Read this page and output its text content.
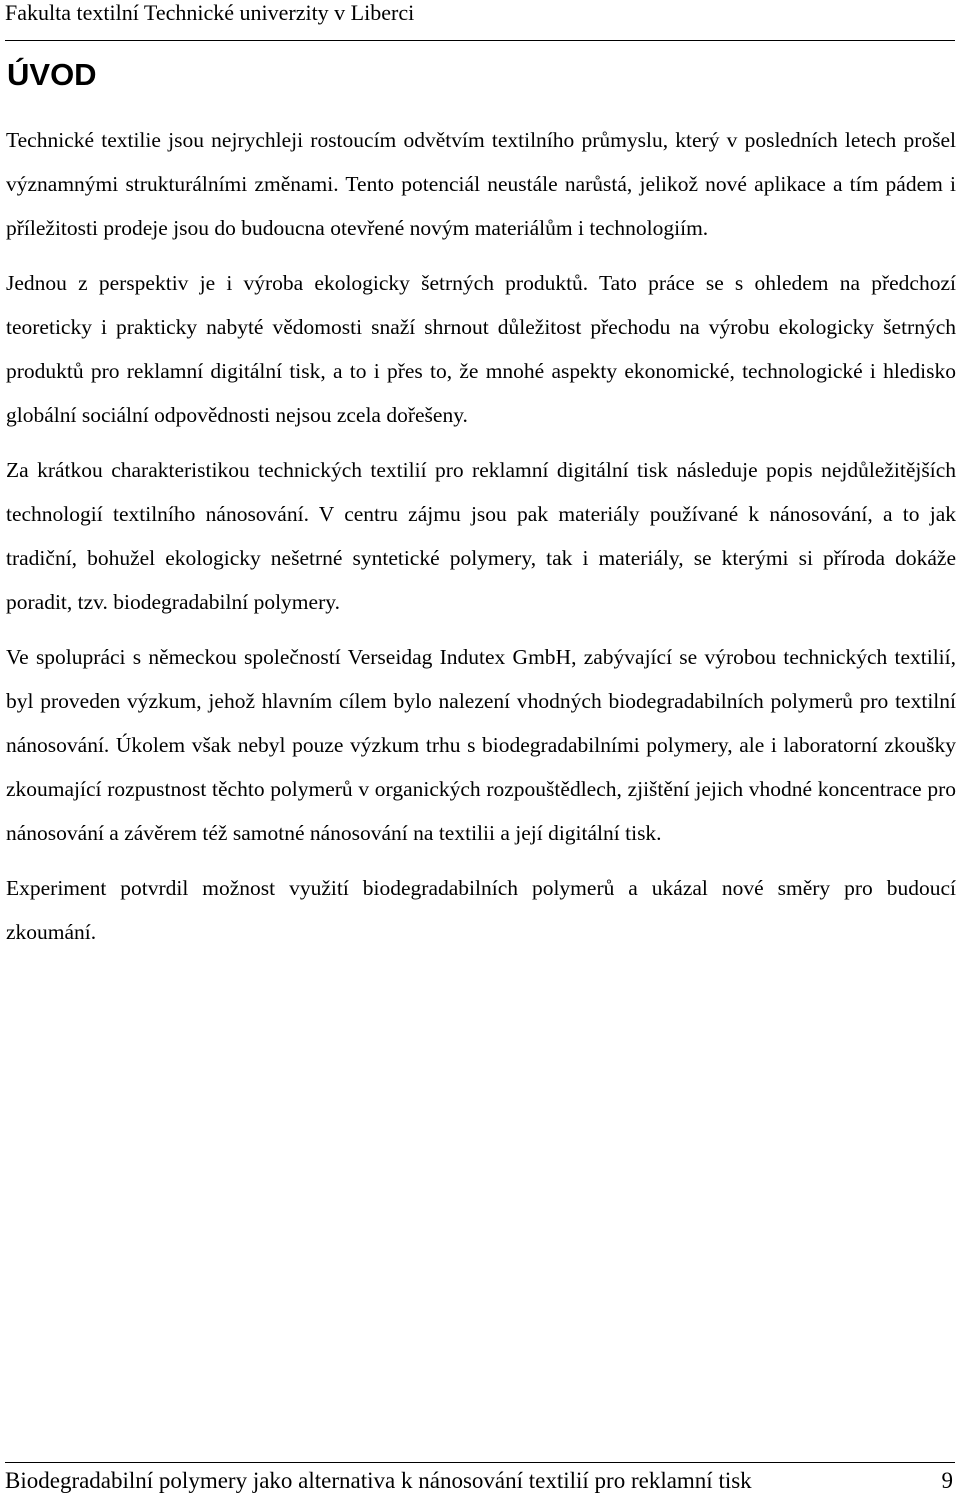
Fakulta textilní Technické univerzity v Liberci
ÚVOD

Technické textilie jsou nejrychleji rostoucím odvětvím textilního průmyslu, který v posledních letech prošel významnými strukturálními změnami. Tento potenciál neustále narůstá, jelikož nové aplikace a tím pádem i příležitosti prodeje jsou do budoucna otevřené novým materiálům i technologiím.

Jednou z perspektiv je i výroba ekologicky šetrných produktů. Tato práce se s ohledem na předchozí teoreticky i prakticky nabyté vědomosti snaží shrnout důležitost přechodu na výrobu ekologicky šetrných produktů pro reklamní digitální tisk, a to i přes to, že mnohé aspekty ekonomické, technologické i hledisko globální sociální odpovědnosti nejsou zcela dořešeny.

Za krátkou charakteristikou technických textilií pro reklamní digitální tisk následuje popis nejdůležitějších technologií textilního nánosování. V centru zájmu jsou pak materiály používané k nánosování, a to jak tradiční, bohužel ekologicky nešetrné syntetické polymery, tak i materiály, se kterými si příroda dokáže poradit, tzv. biodegradabilní polymery.

Ve spolupráci s německou společností Verseidag Indutex GmbH, zabývající se výrobou technických textilií, byl proveden výzkum, jehož hlavním cílem bylo nalezení vhodných biodegradabilních polymerů pro textilní nánosování. Úkolem však nebyl pouze výzkum trhu s biodegradabilními polymery, ale i laboratorní zkoušky zkoumající rozpustnost těchto polymerů v organických rozpouštědlech, zjištění jejich vhodné koncentrace pro nánosování a závěrem též samotné nánosování na textilii a její digitální tisk.

Experiment potvrdil možnost využití biodegradabilních polymerů a ukázal nové směry pro budoucí zkoumání.

Biodegradabilní polymery jako alternativa k nánosování textilií pro reklamní tisk	9
